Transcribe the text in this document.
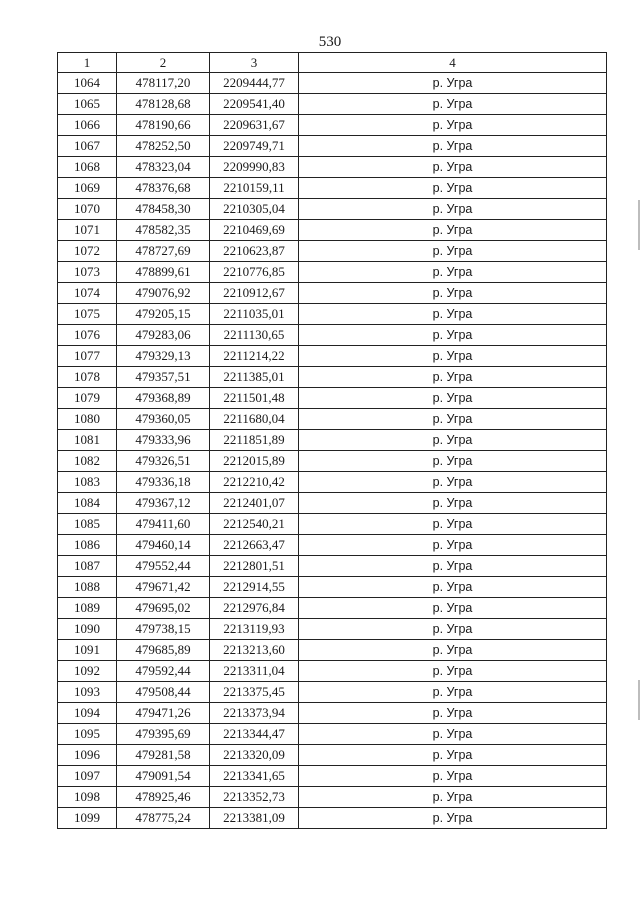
530
1	2	3	4
1064	478117,20	2209444,77	р. Угра
1065	478128,68	2209541,40	р. Угра
1066	478190,66	2209631,67	р. Угра
1067	478252,50	2209749,71	р. Угра
1068	478323,04	2209990,83	р. Угра
1069	478376,68	2210159,11	р. Угра
1070	478458,30	2210305,04	р. Угра
1071	478582,35	2210469,69	р. Угра
1072	478727,69	2210623,87	р. Угра
1073	478899,61	2210776,85	р. Угра
1074	479076,92	2210912,67	р. Угра
1075	479205,15	2211035,01	р. Угра
1076	479283,06	2211130,65	р. Угра
1077	479329,13	2211214,22	р. Угра
1078	479357,51	2211385,01	р. Угра
1079	479368,89	2211501,48	р. Угра
1080	479360,05	2211680,04	р. Угра
1081	479333,96	2211851,89	р. Угра
1082	479326,51	2212015,89	р. Угра
1083	479336,18	2212210,42	р. Угра
1084	479367,12	2212401,07	р. Угра
1085	479411,60	2212540,21	р. Угра
1086	479460,14	2212663,47	р. Угра
1087	479552,44	2212801,51	р. Угра
1088	479671,42	2212914,55	р. Угра
1089	479695,02	2212976,84	р. Угра
1090	479738,15	2213119,93	р. Угра
1091	479685,89	2213213,60	р. Угра
1092	479592,44	2213311,04	р. Угра
1093	479508,44	2213375,45	р. Угра
1094	479471,26	2213373,94	р. Угра
1095	479395,69	2213344,47	р. Угра
1096	479281,58	2213320,09	р. Угра
1097	479091,54	2213341,65	р. Угра
1098	478925,46	2213352,73	р. Угра
1099	478775,24	2213381,09	р. Угра
